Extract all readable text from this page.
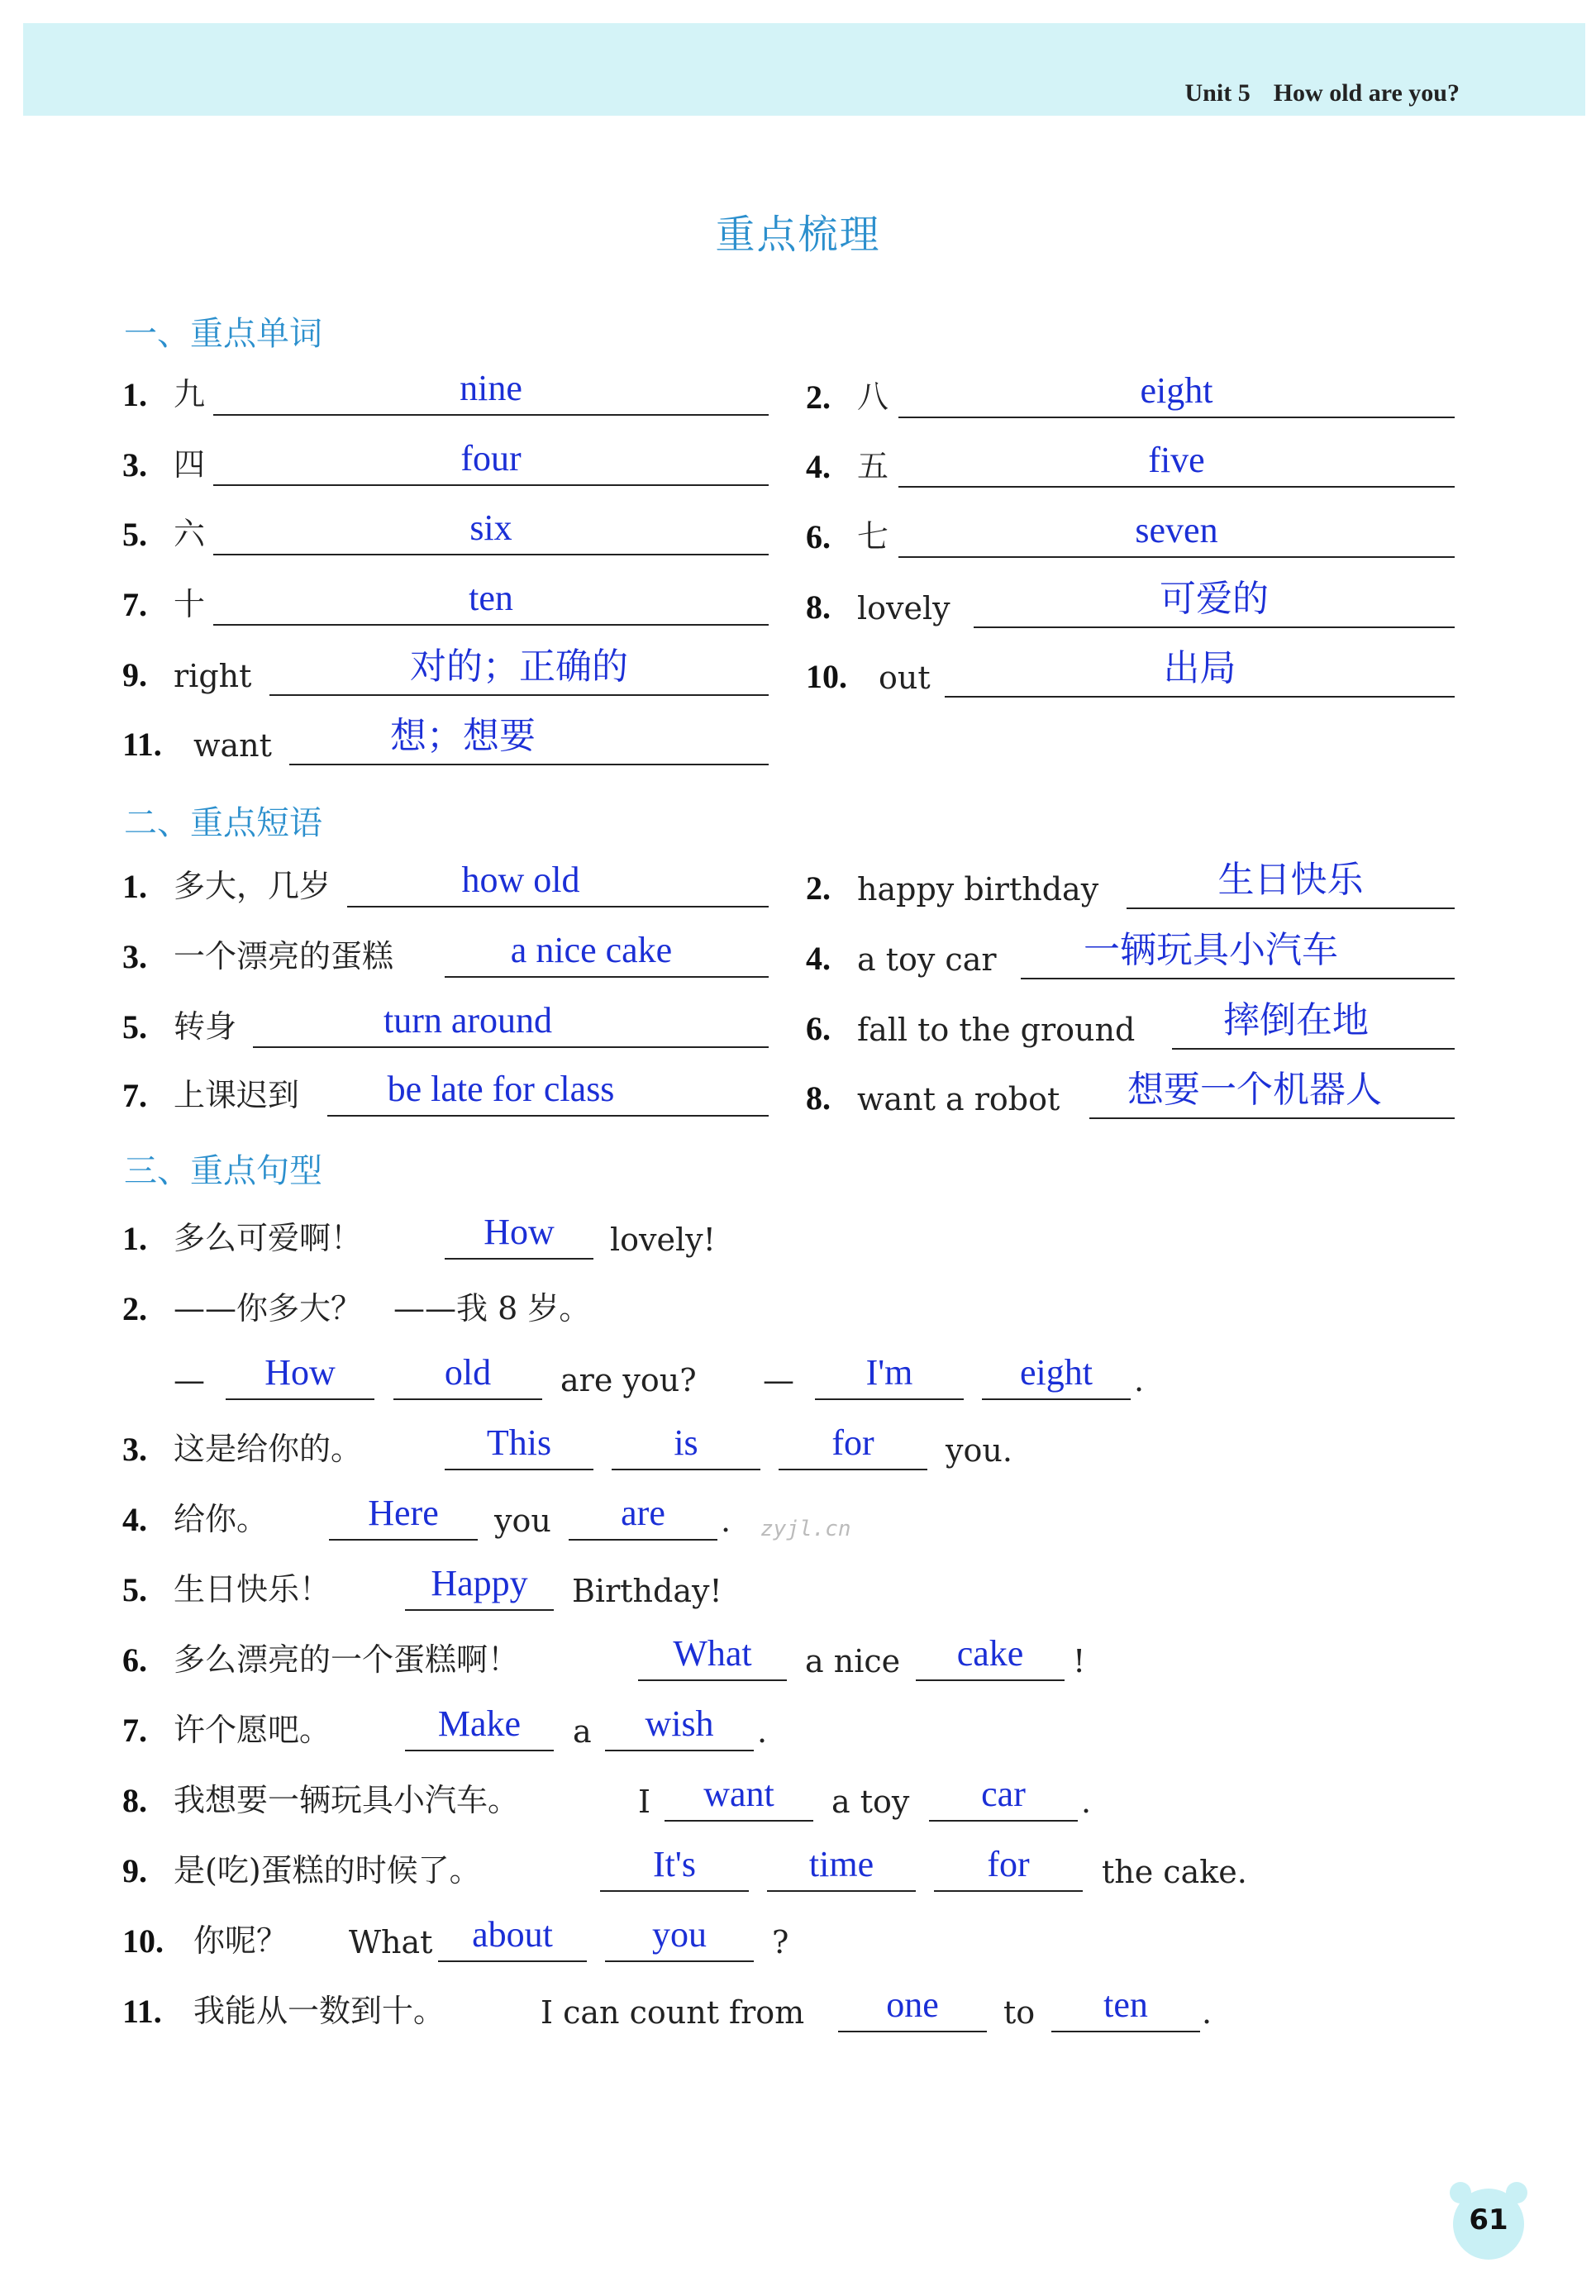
Unit 5 How old are you?
重点梳理
一、重点单词
1. 九	nine	2. 八	eight
3. 四	four	4. 五	five
5. 六	six	6. 七	seven
7. 十	ten	8. lovely	可爱的
9. right	对的；正确的	10. out	出局
11. want	想；想要
二、重点短语
1. 多大，几岁	how old	2. happy birthday	生日快乐
3. 一个漂亮的蛋糕	a nice cake	4. a toy car	一辆玩具小汽车
5. 转身	turn around	6. fall to the ground	摔倒在地
7. 上课迟到	be late for class	8. want a robot	想要一个机器人
三、重点句型
1. 多么可爱啊！	How	lovely!
2. ——你多大？　——我 8 岁。
—	How	old	are you? —	I'm	eight	.
3. 这是给你的。	This	is	for	you.
4. 给你。	Here	you	are	. zyjl.cn
5. 生日快乐！	Happy	Birthday!
6. 多么漂亮的一个蛋糕啊！	What	a nice	cake	!
7. 许个愿吧。	Make	a	wish	.
8. 我想要一辆玩具小汽车。	I	want	a toy	car	.
9. 是(吃)蛋糕的时候了。	It's	time	for	the cake.
10. 你呢？ What	about	you	?
11. 我能从一数到十。	I can count from	one	to	ten	.
61
